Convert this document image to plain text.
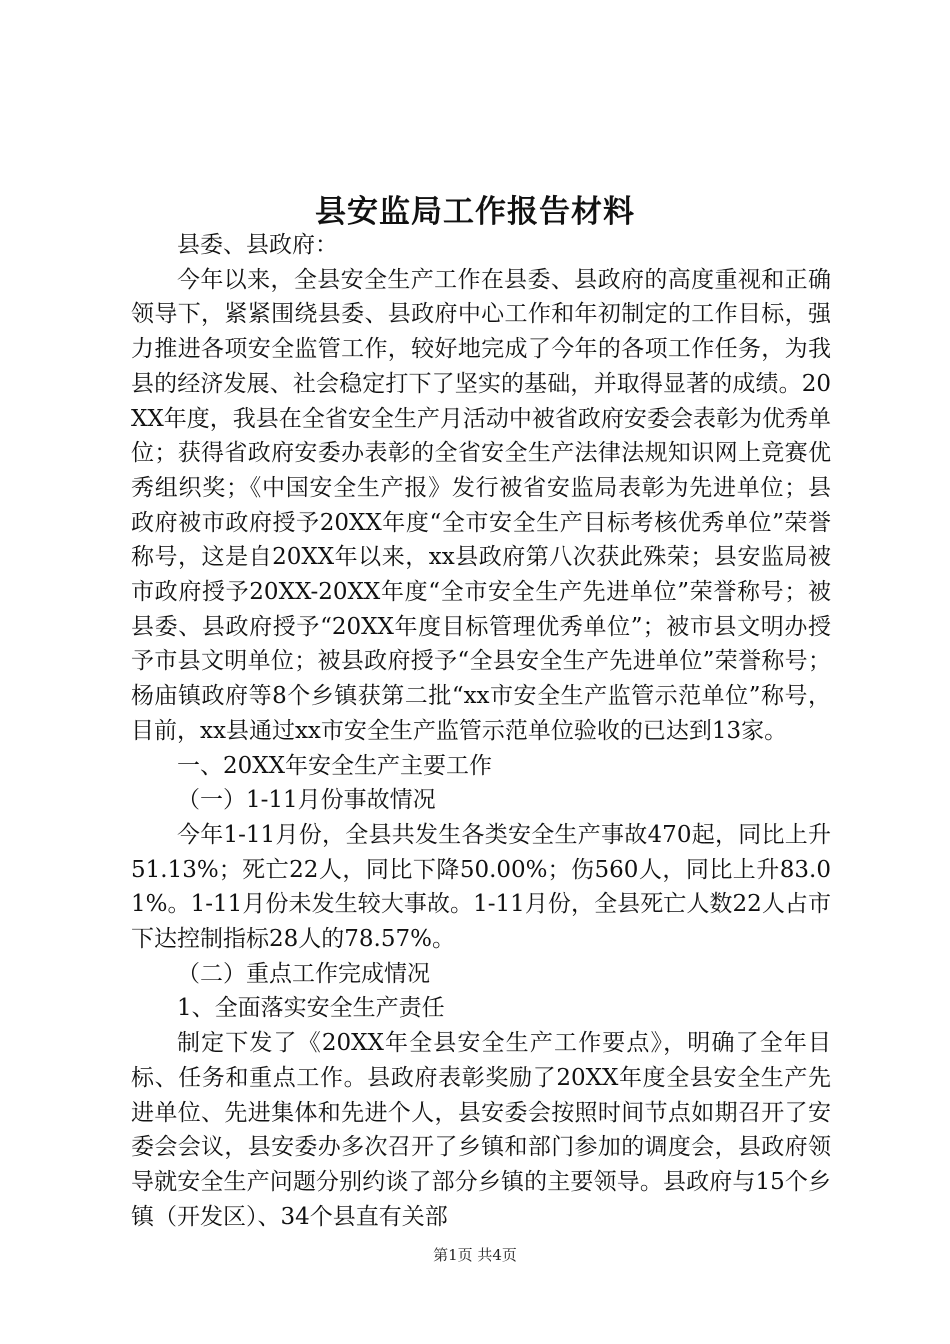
县安监局工作报告材料

县委、县政府：

今年以来，全县安全生产工作在县委、县政府的高度重视和正确领导下，紧紧围绕县委、县政府中心工作和年初制定的工作目标，强力推进各项安全监管工作，较好地完成了今年的各项工作任务，为我县的经济发展、社会稳定打下了坚实的基础，并取得显著的成绩。20XX年度，我县在全省安全生产月活动中被省政府安委会表彰为优秀单位；获得省政府安委办表彰的全省安全生产法律法规知识网上竞赛优秀组织奖；《中国安全生产报》发行被省安监局表彰为先进单位；县政府被市政府授予20XX年度“全市安全生产目标考核优秀单位”荣誉称号，这是自20XX年以来，xx县政府第八次获此殊荣；县安监局被市政府授予20XX-20XX年度“全市安全生产先进单位”荣誉称号；被县委、县政府授予“20XX年度目标管理优秀单位”；被市县文明办授予市县文明单位；被县政府授予“全县安全生产先进单位”荣誉称号；杨庙镇政府等8个乡镇获第二批“xx市安全生产监管示范单位”称号，目前，xx县通过xx市安全生产监管示范单位验收的已达到13家。

一、20XX年安全生产主要工作

（一）1-11月份事故情况

今年1-11月份，全县共发生各类安全生产事故470起，同比上升51.13%；死亡22人，同比下降50.00%；伤560人，同比上升83.01%。1-11月份未发生较大事故。1-11月份，全县死亡人数22人占市下达控制指标28人的78.57%。

（二）重点工作完成情况

1、全面落实安全生产责任

制定下发了《20XX年全县安全生产工作要点》，明确了全年目标、任务和重点工作。县政府表彰奖励了20XX年度全县安全生产先进单位、先进集体和先进个人，县安委会按照时间节点如期召开了安委会会议，县安委办多次召开了乡镇和部门参加的调度会，县政府领导就安全生产问题分别约谈了部分乡镇的主要领导。县政府与15个乡镇（开发区）、34个县直有关部

第1页 共4页
